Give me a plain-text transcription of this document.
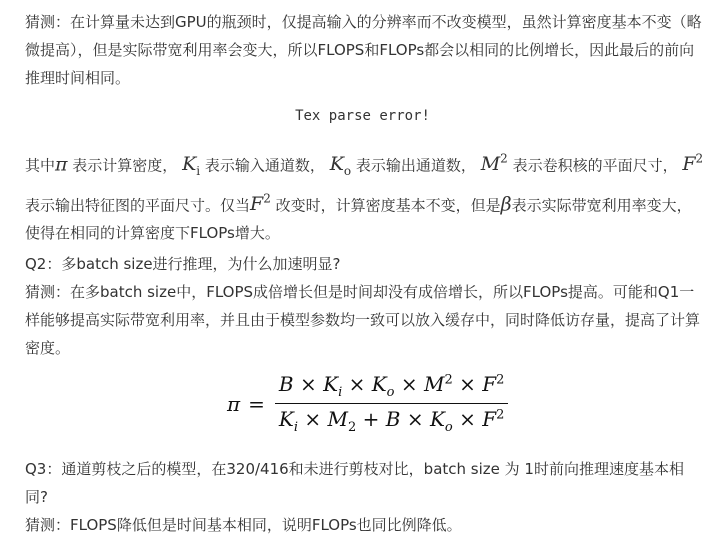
猜测：在计算量未达到GPU的瓶颈时，仅提高输入的分辨率而不改变模型，虽然计算密度基本不变（略微提高），但是实际带宽利用率会变大，所以FLOPS和FLOPs都会以相同的比例增长，因此最后的前向推理时间相同。

Tex parse error!

其中π 表示计算密度， $K_i$ 表示输入通道数， $K_o$ 表示输出通道数， $M^2$ 表示卷积核的平面尺寸， $F^2$ 表示输出特征图的平面尺寸。仅当$F^2$ 改变时，计算密度基本不变，但是β表示实际带宽利用率变大，使得在相同的计算密度下FLOPs增大。

Q2：多batch size进行推理，为什么加速明显?
猜测：在多batch size中，FLOPS成倍增长但是时间却没有成倍增长，所以FLOPs提高。可能和Q1一样能够提高实际带宽利用率，并且由于模型参数均一致可以放入缓存中，同时降低访存量，提高了计算密度。

$\pi = \frac{B \times K_i \times K_o \times M^2 \times F^2}{K_i \times M_2 + B \times K_o \times F^2}$

Q3：通道剪枝之后的模型，在320/416和未进行剪枝对比，batch size 为 1时前向推理速度基本相同?
猜测：FLOPS降低但是时间基本相同，说明FLOPs也同比例降低。
